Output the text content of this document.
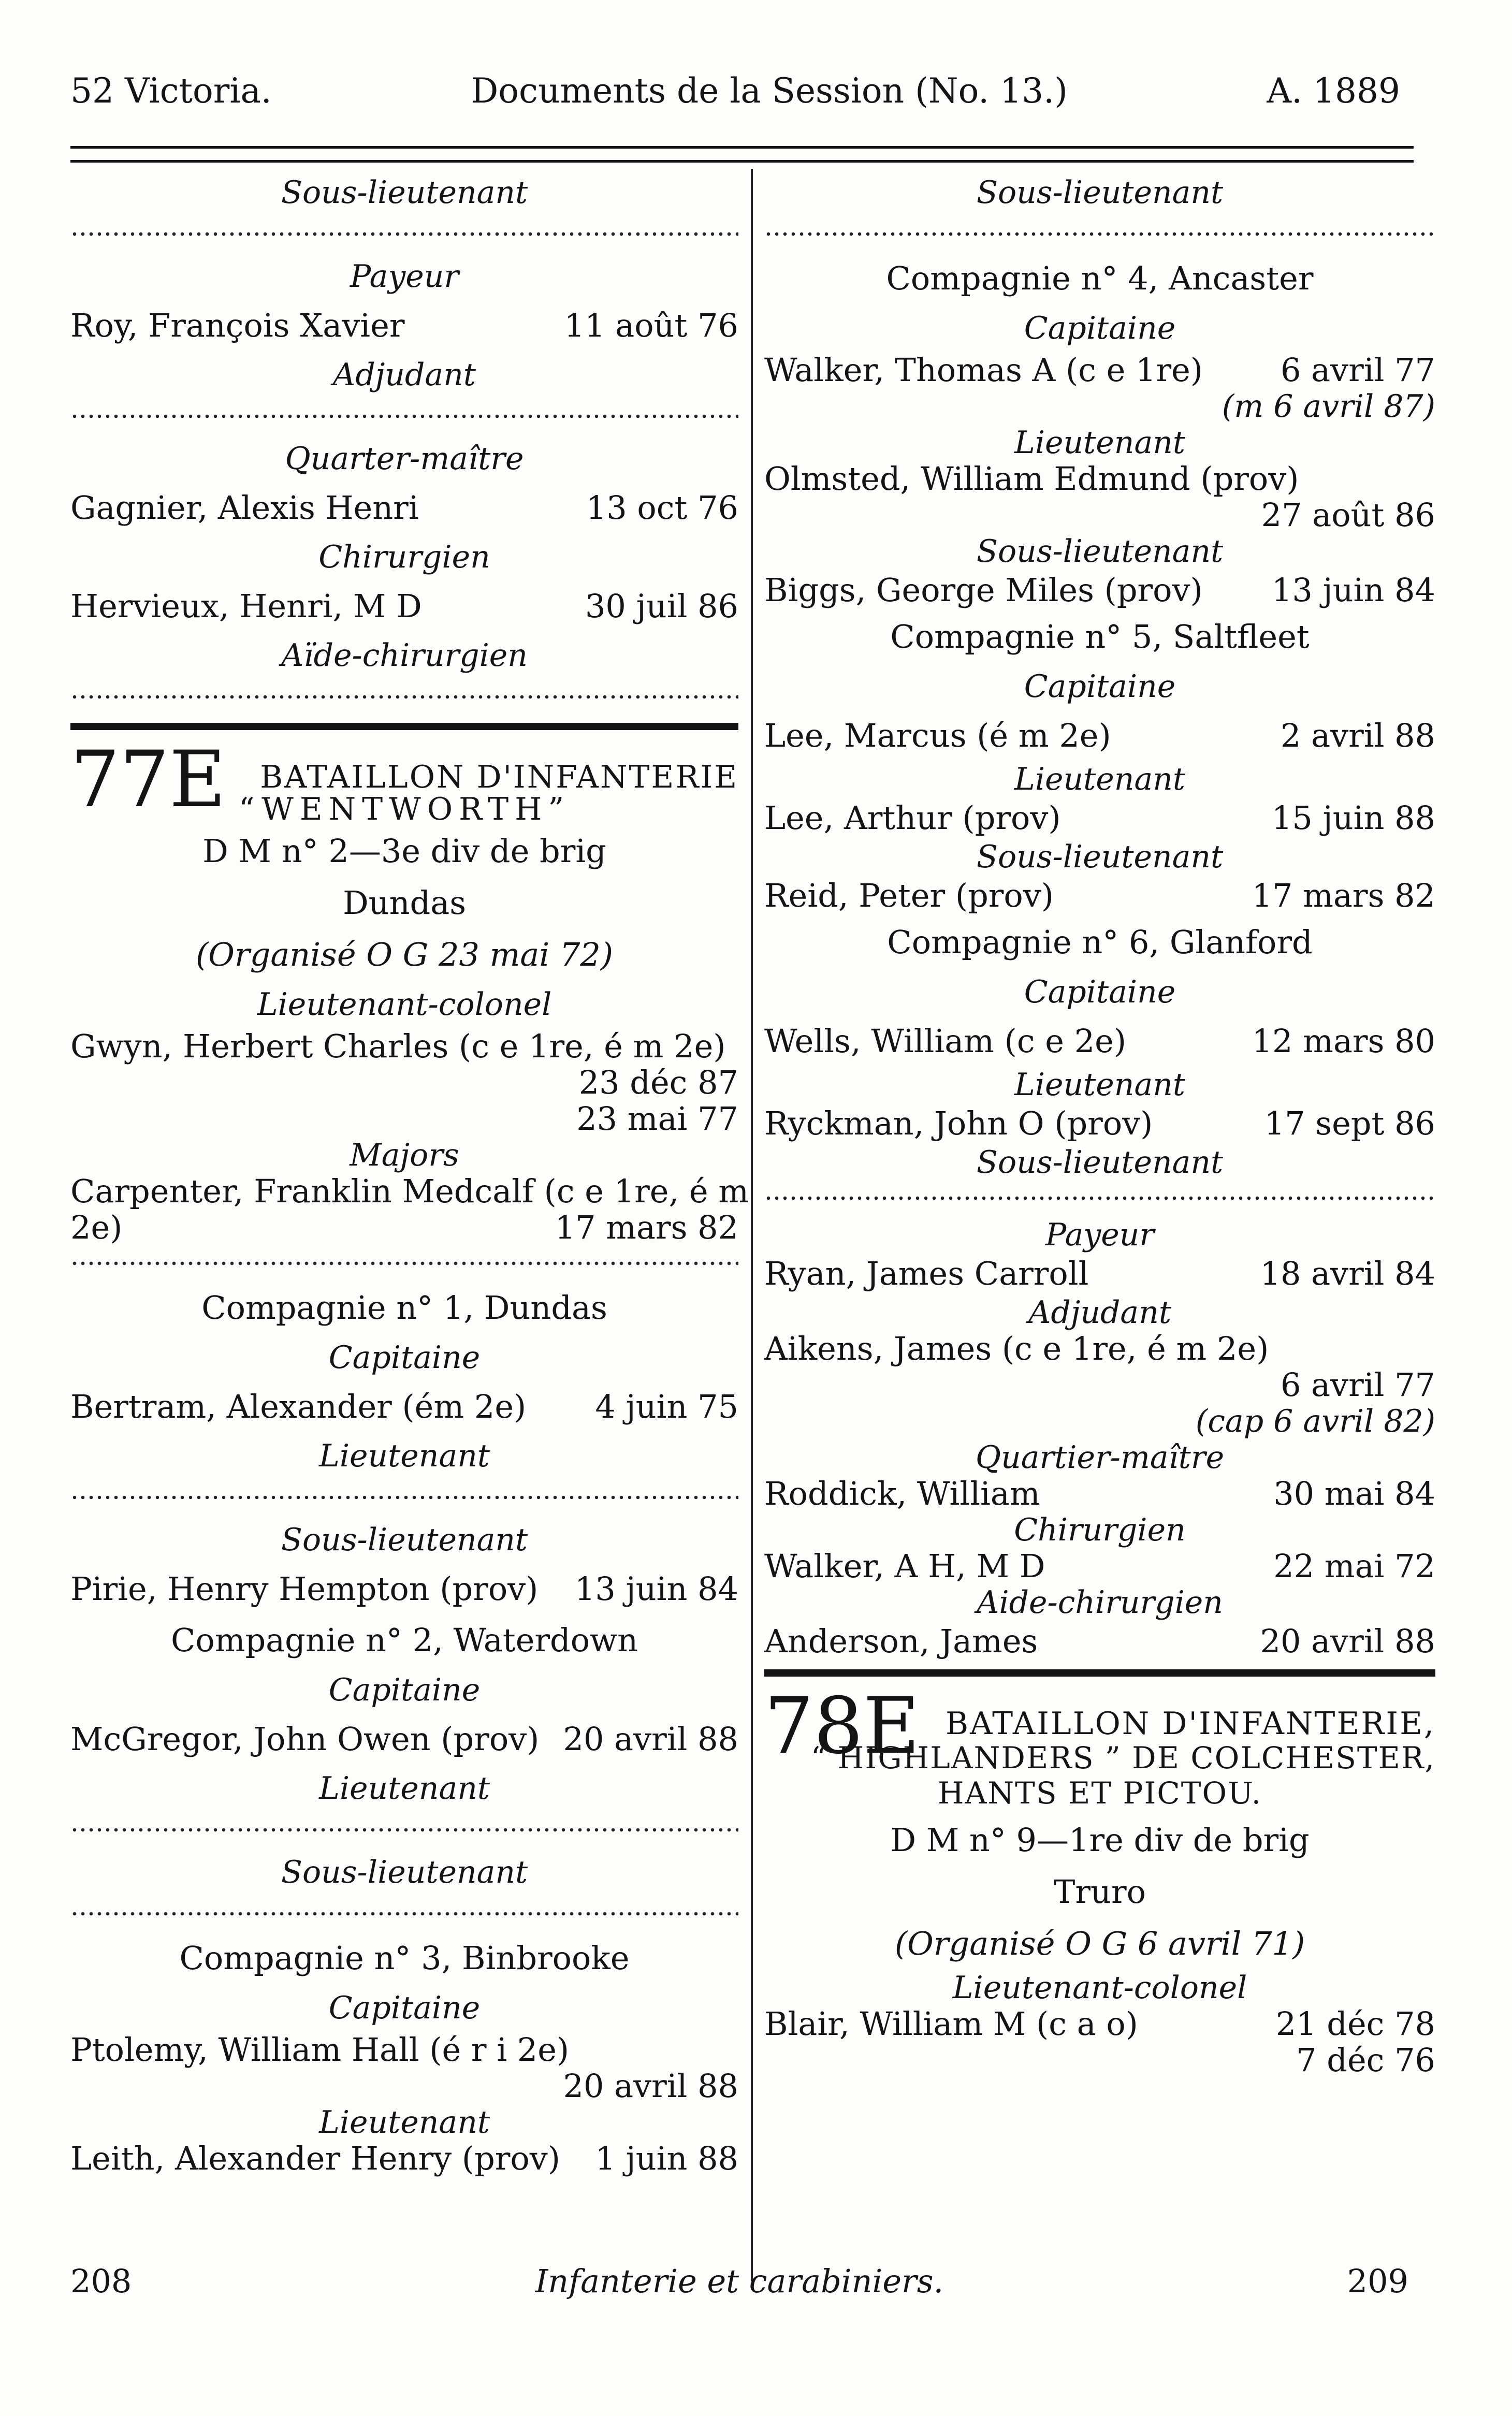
52 Victoria.	Documents de la Session (No. 13.)	A. 1889
Sous-lieutenant
Payeur
Roy, François Xavier	11 août 76
Adjudant
Quarter-maître
Gagnier, Alexis Henri	13 oct 76
Chirurgien
Hervieux, Henri, M D	30 juil 86
Aïde-chirurgien
77E BATAILLON D'INFANTERIE
“WENTWORTH”
D M n° 2—3e div de brig
Dundas
(Organisé O G 23 mai 72)
Lieutenant-colonel
Gwyn, Herbert Charles (c e 1re, é m 2e)
23 déc 87
23 mai 77
Majors
Carpenter, Franklin Medcalf (c e 1re, é m
2e)	17 mars 82
Compagnie n° 1, Dundas
Capitaine
Bertram, Alexander (ém 2e) 4 juin 75
Lieutenant
Sous-lieutenant
Pirie, Henry Hempton (prov) 13 juin 84
Compagnie n° 2, Waterdown
Capitaine
McGregor, John Owen (prov) 20 avril 88
Lieutenant
Sous-lieutenant
Compagnie n° 3, Binbrooke
Capitaine
Ptolemy, William Hall (é r i 2e)
20 avril 88
Lieutenant
Leith, Alexander Henry (prov) 1 juin 88
Sous-lieutenant
Compagnie n° 4, Ancaster
Capitaine
Walker, Thomas A (c e 1re) 6 avril 77
(m 6 avril 87)
Lieutenant
Olmsted, William Edmund (prov)
27 août 86
Sous-lieutenant
Biggs, George Miles (prov) 13 juin 84
Compagnie n° 5, Saltfleet
Capitaine
Lee, Marcus (é m 2e)	2 avril 88
Lieutenant
Lee, Arthur (prov)	15 juin 88
Sous-lieutenant
Reid, Peter (prov)	17 mars 82
Compagnie n° 6, Glanford
Capitaine
Wells, William (c e 2e)	12 mars 80
Lieutenant
Ryckman, John O (prov)	17 sept 86
Sous-lieutenant
Payeur
Ryan, James Carroll	18 avril 84
Adjudant
Aikens, James (c e 1re, é m 2e)
6 avril 77
(cap 6 avril 82)
Quartier-maître
Roddick, William	30 mai 84
Chirurgien
Walker, A H, M D	22 mai 72
Aide-chirurgien
Anderson, James	20 avril 88
78E BATAILLON D'INFANTERIE,
“ HIGHLANDERS ” DE COLCHESTER,
HANTS ET PICTOU.
D M n° 9—1re div de brig
Truro
(Organisé O G 6 avril 71)
Lieutenant-colonel
Blair, William M (c a o)	21 déc 78
7 déc 76
208	Infanterie et carabiniers.	209
